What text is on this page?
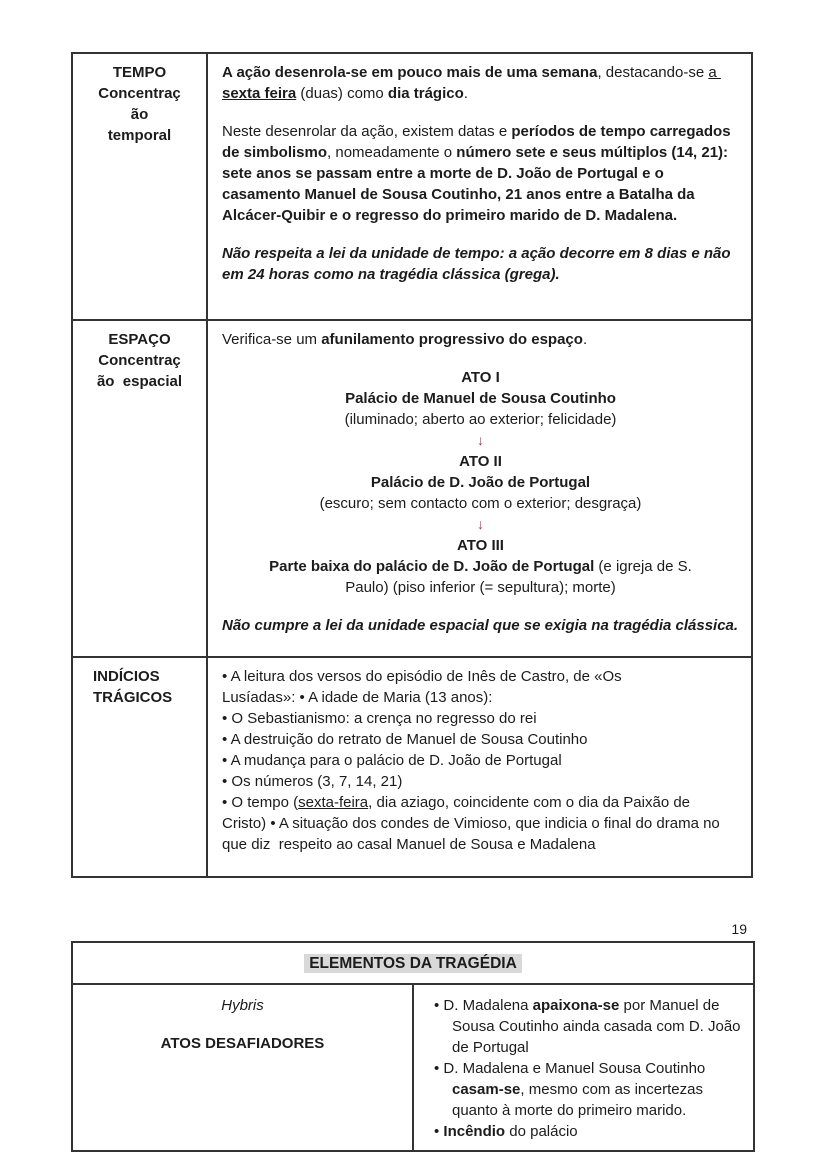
TEMPO
Concentraç
ão
temporal

A ação desenrola-se em pouco mais de uma semana, destacando-se a sexta feira (duas) como dia trágico.
Neste desenrolar da ação, existem datas e períodos de tempo carregados de simbolismo, nomeadamente o número sete e seus múltiplos (14, 21): sete anos se passam entre a morte de D. João de Portugal e o casamento Manuel de Sousa Coutinho, 21 anos entre a Batalha da Alcácer-Quibir e o regresso do primeiro marido de D. Madalena.
Não respeita a lei da unidade de tempo: a ação decorre em 8 dias e não em 24 horas como na tragédia clássica (grega).

ESPAÇO
Concentraç
ão  espacial

Verifica-se um afunilamento progressivo do espaço.
ATO I
Palácio de Manuel de Sousa Coutinho
(iluminado; aberto ao exterior; felicidade)
↓
ATO II
Palácio de D. João de Portugal
(escuro; sem contacto com o exterior; desgraça)
↓
ATO III
Parte baixa do palácio de D. João de Portugal (e igreja de S.
Paulo) (piso inferior (= sepultura); morte)
Não cumpre a lei da unidade espacial que se exigia na tragédia clássica.

INDÍCIOS
TRÁGICOS

• A leitura dos versos do episódio de Inês de Castro, de «Os
Lusíadas»: • A idade de Maria (13 anos):
• O Sebastianismo: a crença no regresso do rei
• A destruição do retrato de Manuel de Sousa Coutinho
• A mudança para o palácio de D. João de Portugal
• Os números (3, 7, 14, 21)
• O tempo (sexta-feira, dia aziago, coincidente com o dia da Paixão de
Cristo) • A situação dos condes de Vimioso, que indicia o final do drama no
que diz  respeito ao casal Manuel de Sousa e Madalena
19
ELEMENTOS DA TRAGÉDIA

Hybris
ATOS DESAFIADORES

• D. Madalena apaixona-se por Manuel de Sousa Coutinho ainda casada com D. João de Portugal
• D. Madalena e Manuel Sousa Coutinho casam-se, mesmo com as incertezas quanto à morte do primeiro marido.
• Incêndio do palácio
